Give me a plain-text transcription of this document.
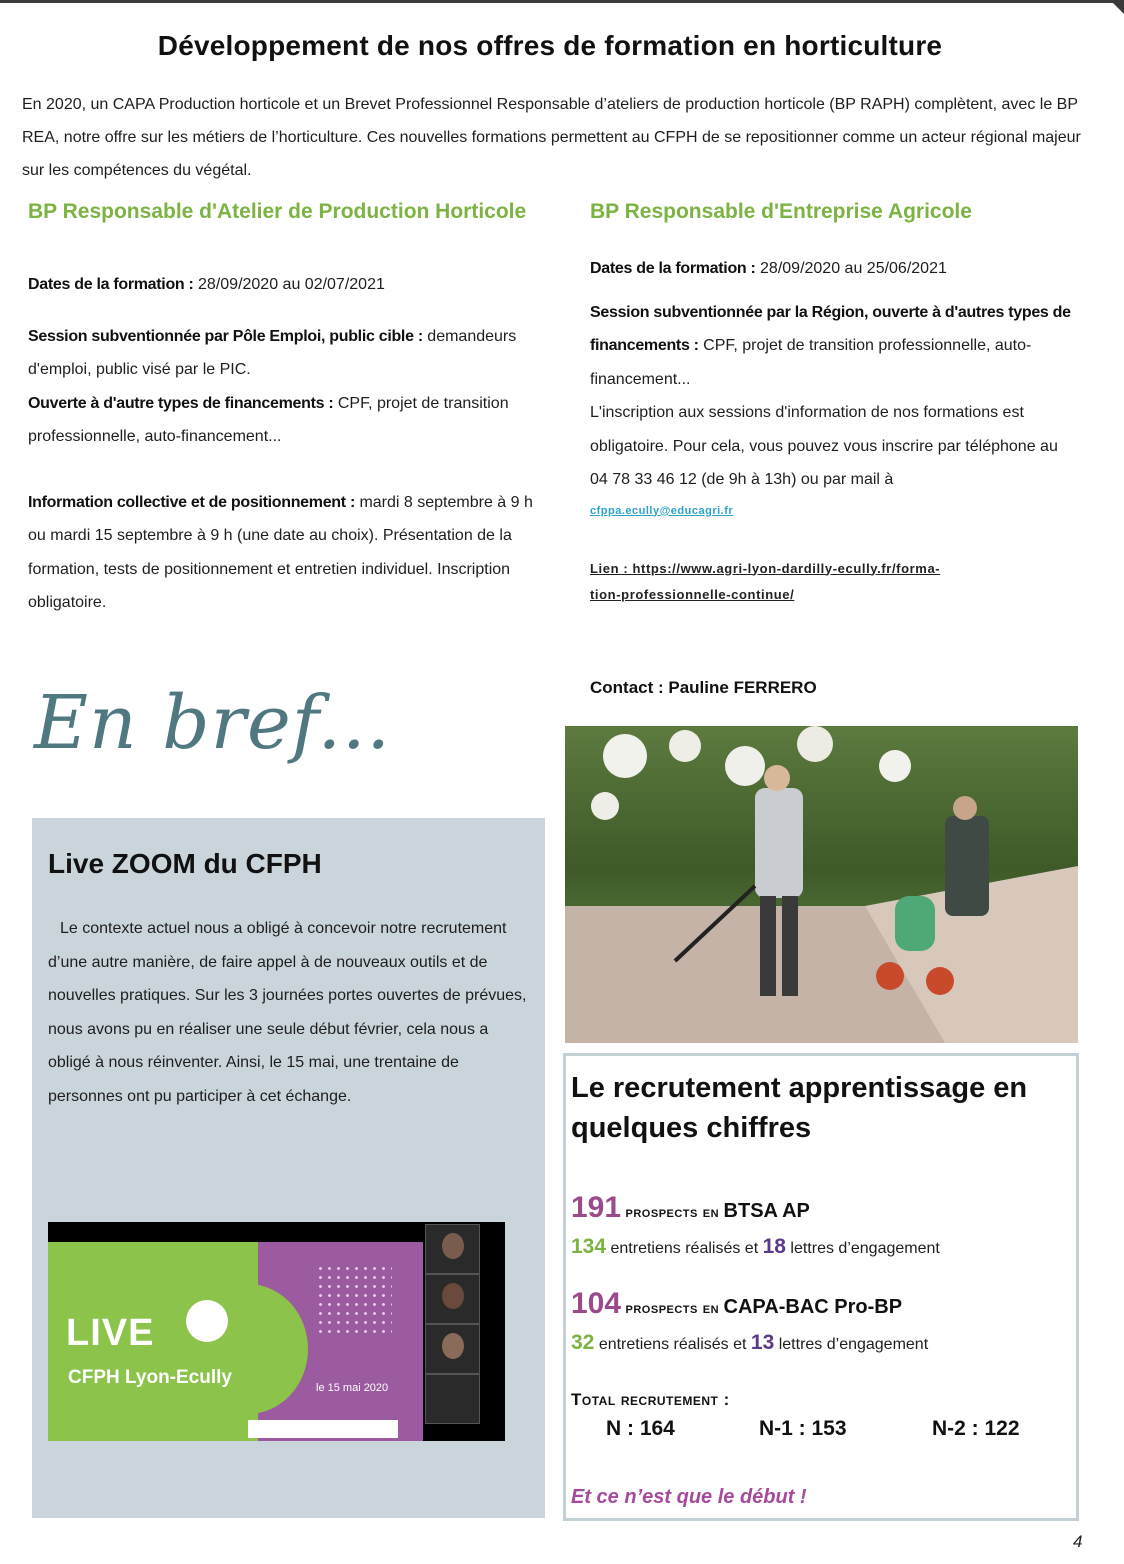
Développement de nos offres de formation en horticulture

En 2020, un CAPA Production horticole et un Brevet Professionnel Responsable d’ateliers de production horticole (BP RAPH) complètent, avec le BP REA, notre offre sur les métiers de l’horticulture. Ces nouvelles formations permettent au CFPH de se repositionner comme un acteur régional majeur sur les compétences du végétal.

BP Responsable d'Atelier de Production Horticole

Dates de la formation : 28/09/2020 au 02/07/2021

Session subventionnée par Pôle Emploi, public cible : demandeurs d'emploi, public visé par le PIC.

Ouverte à d'autre types de financements : CPF, projet de transition professionnelle, auto-financement...

Information collective et de positionnement : mardi 8 septembre à 9 h ou mardi 15 septembre à 9 h (une date au choix). Présentation de la formation, tests de positionnement et entretien individuel. Inscription obligatoire.

BP Responsable d'Entreprise Agricole

Dates de la formation : 28/09/2020 au 25/06/2021

Session subventionnée par la Région, ouverte à d'autres types de financements : CPF, projet de transition professionnelle, auto-financement...

L'inscription aux sessions d'information de nos formations est obligatoire. Pour cela, vous pouvez vous inscrire par téléphone au 04 78 33 46 12 (de 9h à 13h) ou par mail à

cfppa.ecully@educagri.fr
Lien : https://www.agri-lyon-dardilly-ecully.fr/forma-
tion-professionnelle-continue/
Contact : Pauline FERRERO
En bref...
Live ZOOM du CFPH

Le contexte actuel nous a obligé à concevoir notre recrutement d’une autre manière, de faire appel à de nouveaux outils et de nouvelles pratiques. Sur les 3 journées portes ouvertes de prévues, nous avons pu en réaliser une seule début février, cela nous a obligé à nous réinventer. Ainsi, le 15 mai, une trentaine de personnes ont pu participer à cet échange.

LIVE
CFPH Lyon-Ecully	le 15 mai 2020
Le recrutement apprentissage en quelques chiffres
191 prospects en BTSA AP
134 entretiens réalisés et 18 lettres d’engagement
104 prospects en CAPA-BAC Pro-BP
32 entretiens réalisés et 13 lettres d’engagement
Total recrutement :
N : 164	N-1 : 153	N-2 : 122
Et ce n’est que le début !
4
